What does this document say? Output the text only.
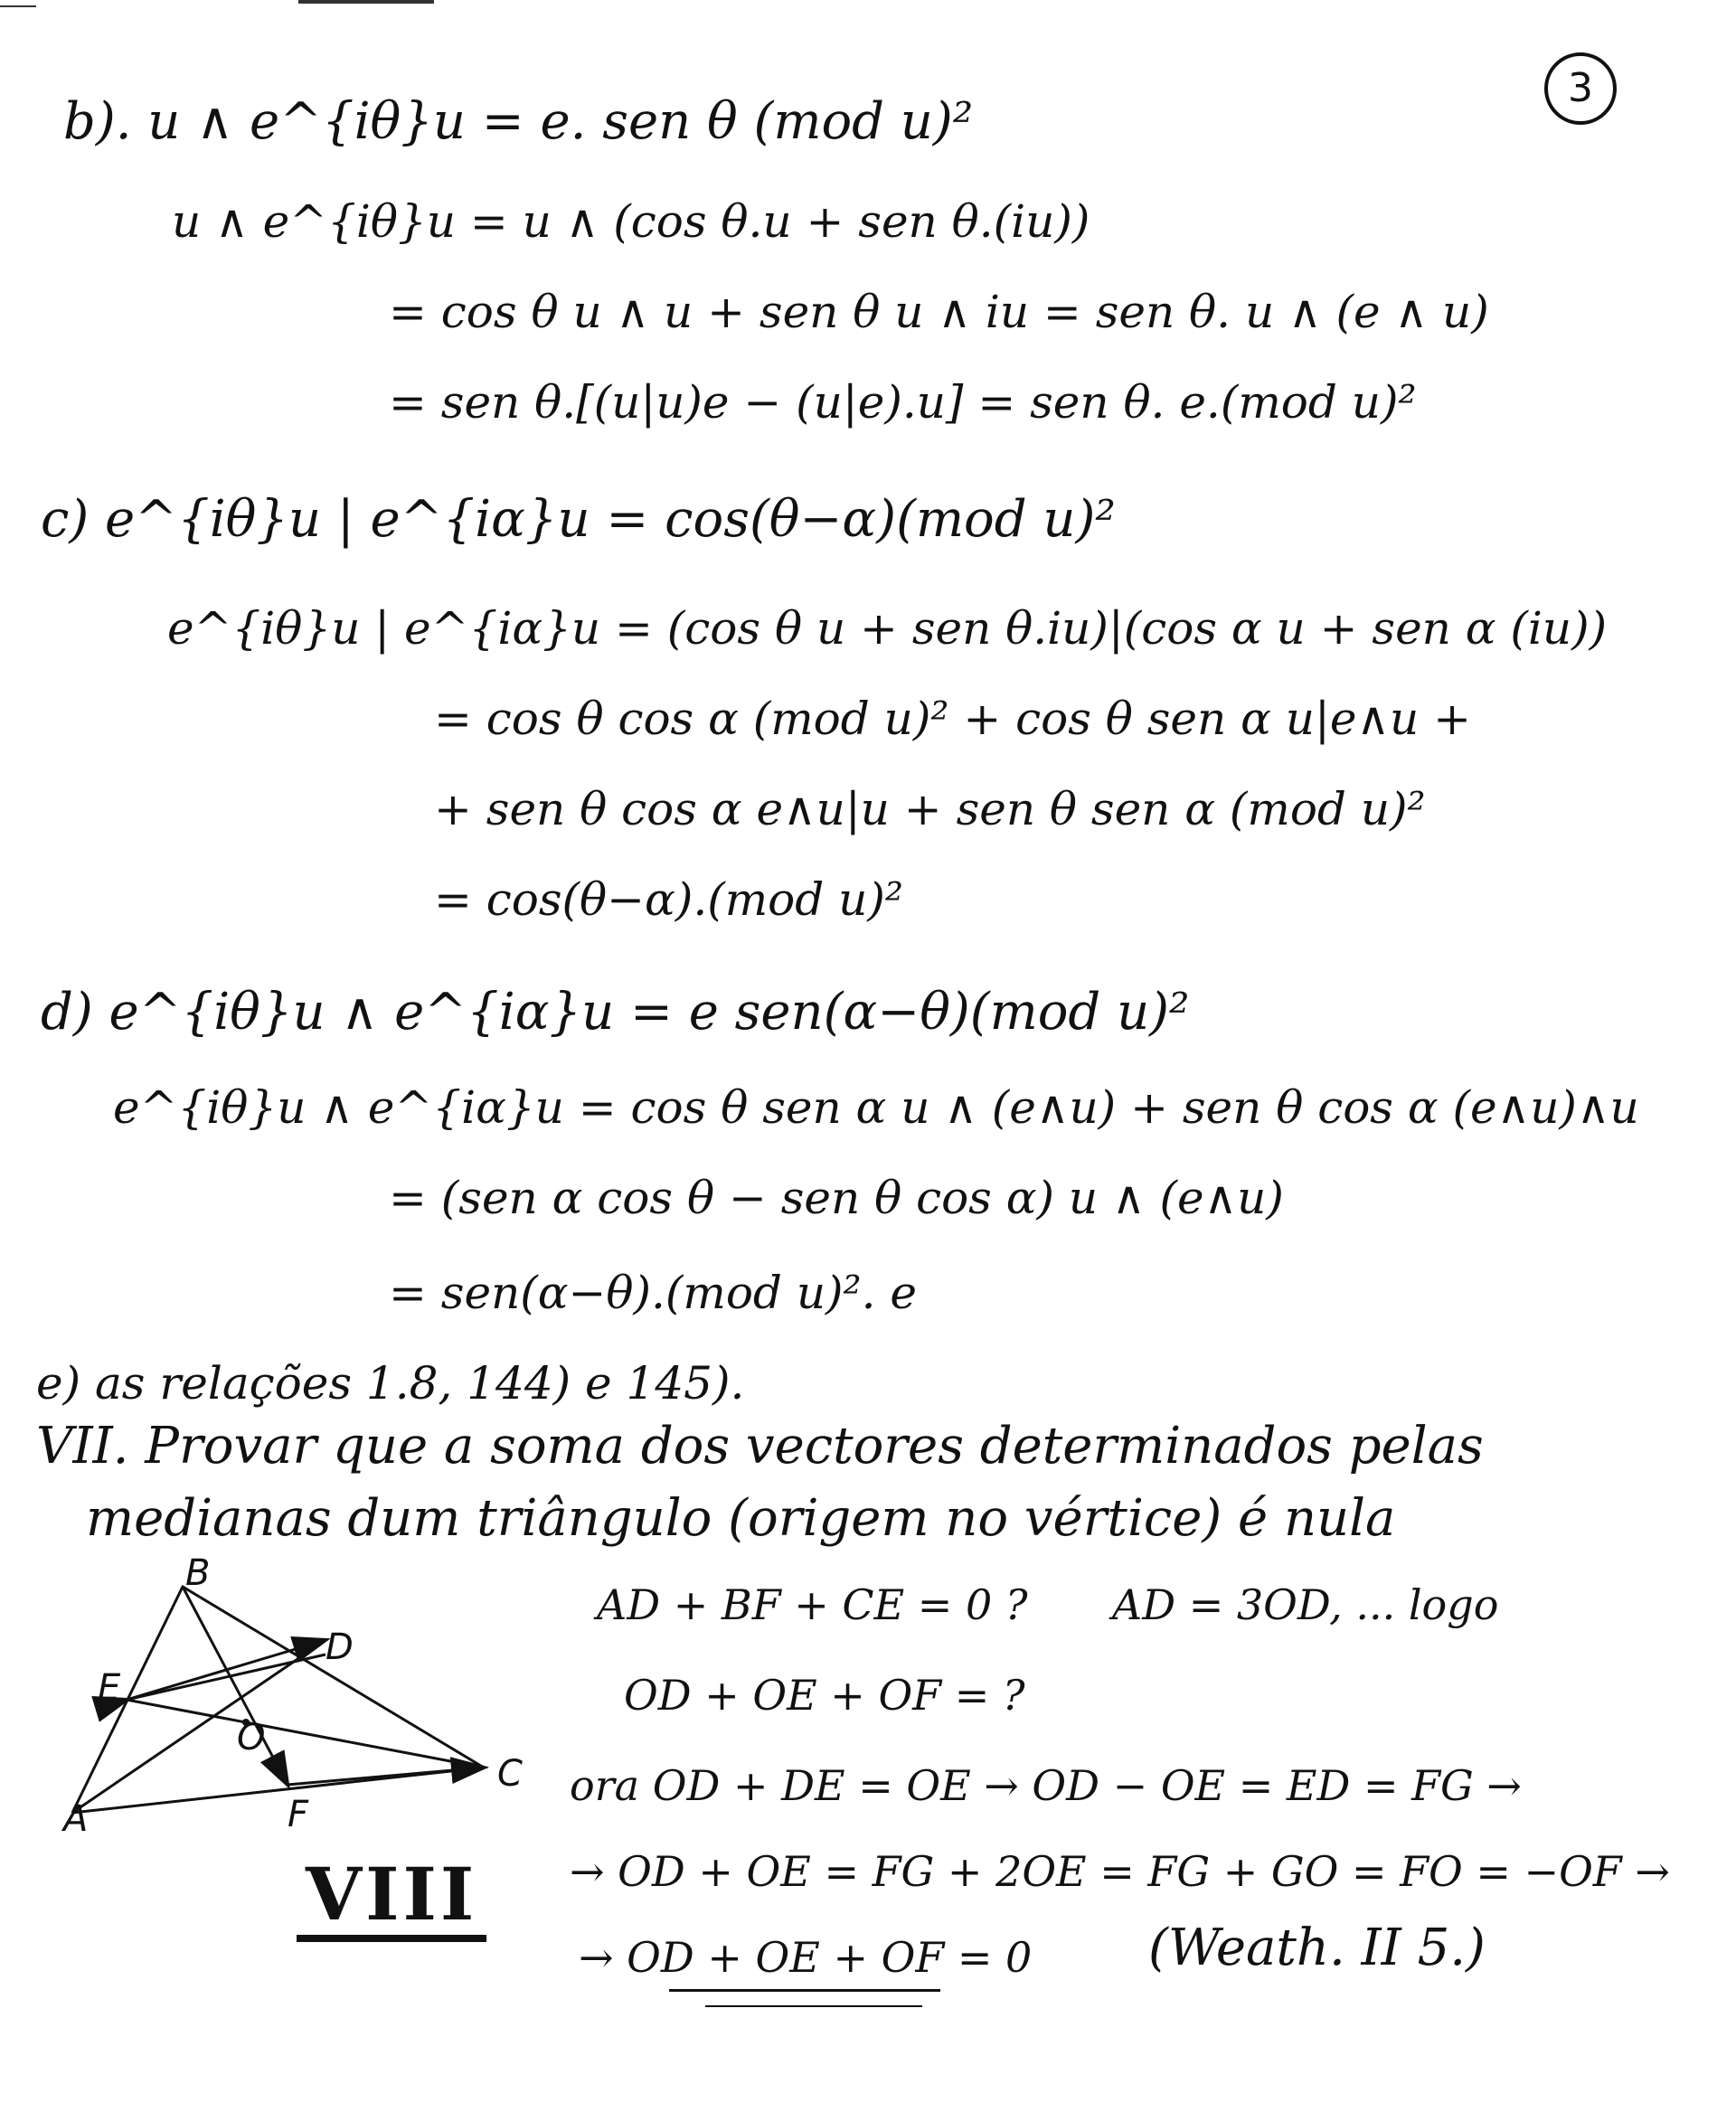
3
b). u ∧ e^{iθ}u = e. sen θ (mod u)²
u ∧ e^{iθ}u = u ∧ (cos θ.u + sen θ.(iu))
= cos θ u ∧ u + sen θ u ∧ iu = sen θ. u ∧ (e ∧ u)
= sen θ.[(u|u)e − (u|e).u] = sen θ. e.(mod u)²
c) e^{iθ}u | e^{iα}u = cos(θ−α)(mod u)²
e^{iθ}u | e^{iα}u = (cos θ u + sen θ.iu)|(cos α u + sen α (iu))
= cos θ cos α (mod u)² + cos θ sen α u|e∧u +
+ sen θ cos α e∧u|u + sen θ sen α (mod u)²
= cos(θ−α).(mod u)²
d) e^{iθ}u ∧ e^{iα}u = e sen(α−θ)(mod u)²
e^{iθ}u ∧ e^{iα}u = cos θ sen α u ∧ (e∧u) + sen θ cos α (e∧u)∧u
= (sen α cos θ − sen θ cos α) u ∧ (e∧u)
= sen(α−θ).(mod u)². e
e) as relações 1.8, 144) e 145).
VII. Provar que a soma dos vectores determinados pelas
medianas dum triângulo (origem no vértice) é nula
B
E
D
O
C
A	F
VIII
AD + BF + CE = 0 ? AD = 3OD, ... logo
OD + OE + OF = ?
ora OD + DE = OE → OD − OE = ED = FG →
→ OD + OE = FG + 2OE = FG + GO = FO = −OF →
→ OD + OE + OF = 0 (Weath. II 5.)
